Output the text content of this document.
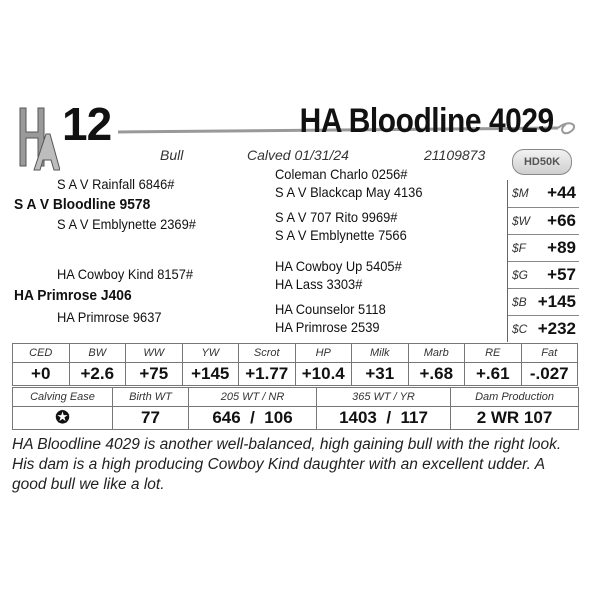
12	HA Bloodline 4029
Bull	Calved 01/31/24	21109873	HD50K
S A V Rainfall 6846#
S A V Bloodline 9578
S A V Emblynette 2369#
HA Cowboy Kind 8157#
HA Primrose J406
HA Primrose 9637
Coleman Charlo 0256#
S A V Blackcap May 4136
S A V 707 Rito 9969#
S A V Emblynette 7566
HA Cowboy Up 5405#
HA Lass 3303#
HA Counselor 5118
HA Primrose 2539
$M +44
$W +66
$F +89
$G +57
$B +145
$C +232
CED	BW	WW	YW	Scrot	HP	Milk	Marb	RE	Fat
+0	+2.6	+75	+145	+1.77	+10.4	+31	+.68	+.61	-.027
Calving Ease	Birth WT	205 WT / NR	365 WT / YR	Dam Production
✪	77	646  /  106	1403  /  117	2 WR 107
HA Bloodline 4029 is another well-balanced, high gaining bull with the right look. His dam is a high producing Cowboy Kind daughter with an excellent udder. A good bull we like a lot.
